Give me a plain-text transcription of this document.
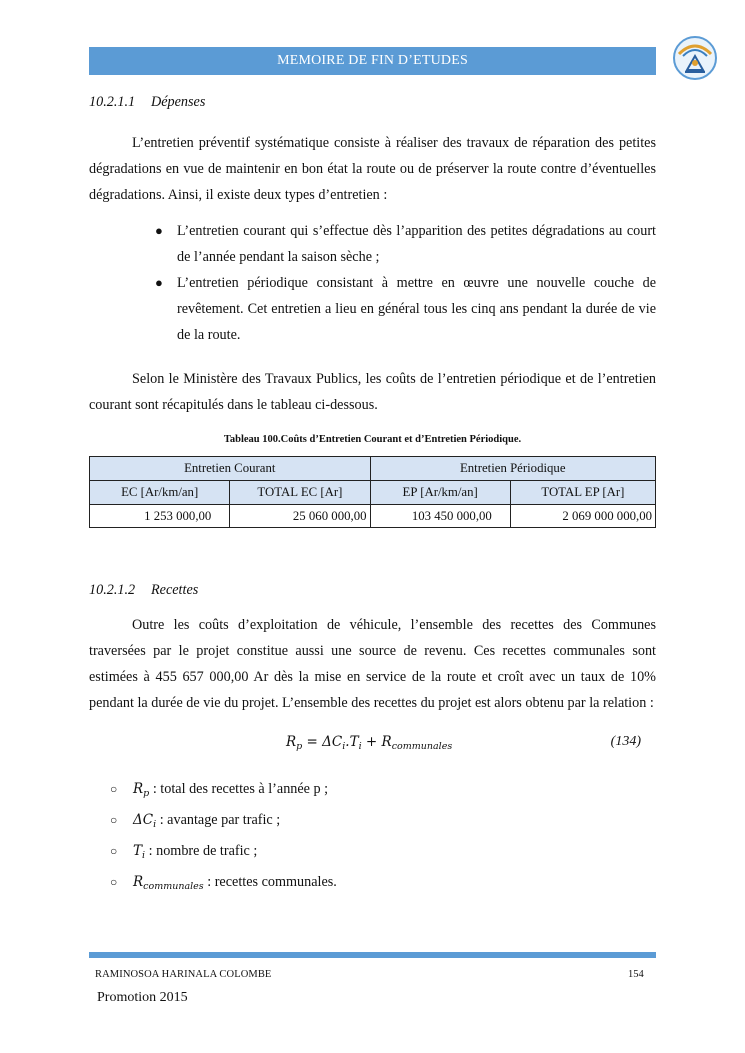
MEMOIRE DE FIN D’ETUDES
10.2.1.1 Dépenses

L’entretien préventif systématique consiste à réaliser des travaux de réparation des petites dégradations en vue de maintenir en bon état la route ou de préserver la route contre d’éventuelles dégradations. Ainsi, il existe deux types d’entretien :

● L’entretien courant qui s’effectue dès l’apparition des petites dégradations au court de l’année pendant la saison sèche ;
● L’entretien périodique consistant à mettre en œuvre une nouvelle couche de revêtement. Cet entretien a lieu en général tous les cinq ans pendant la durée de vie de la route.

Selon le Ministère des Travaux Publics, les coûts de l’entretien périodique et de l’entretien courant sont récapitulés dans le tableau ci-dessous.

Tableau 100.Coûts d’Entretien Courant et d’Entretien Périodique.
Entretien Courant		Entretien Périodique	
EC [Ar/km/an]	TOTAL EC [Ar]	EP [Ar/km/an]	TOTAL EP [Ar]
1 253 000,00	25 060 000,00	103 450 000,00	2 069 000 000,00
10.2.1.2 Recettes

Outre les coûts d’exploitation de véhicule, l’ensemble des recettes des Communes traversées par le projet constitue aussi une source de revenu. Ces recettes communales sont estimées à 455 657 000,00 Ar dès la mise en service de la route et croît avec un taux de 10% pendant la durée de vie du projet. L’ensemble des recettes du projet est alors obtenu par la relation :

$R_p = \Delta C_i.T_i + R_{communales}$	(134)
○ $R_p$ : total des recettes à l’année p ;
○ $\Delta C_i$ : avantage par trafic ;
○ $T_i$ : nombre de trafic ;
○ $R_{communales}$ : recettes communales.
RAMINOSOA HARINALA COLOMBE	154
Promotion 2015
